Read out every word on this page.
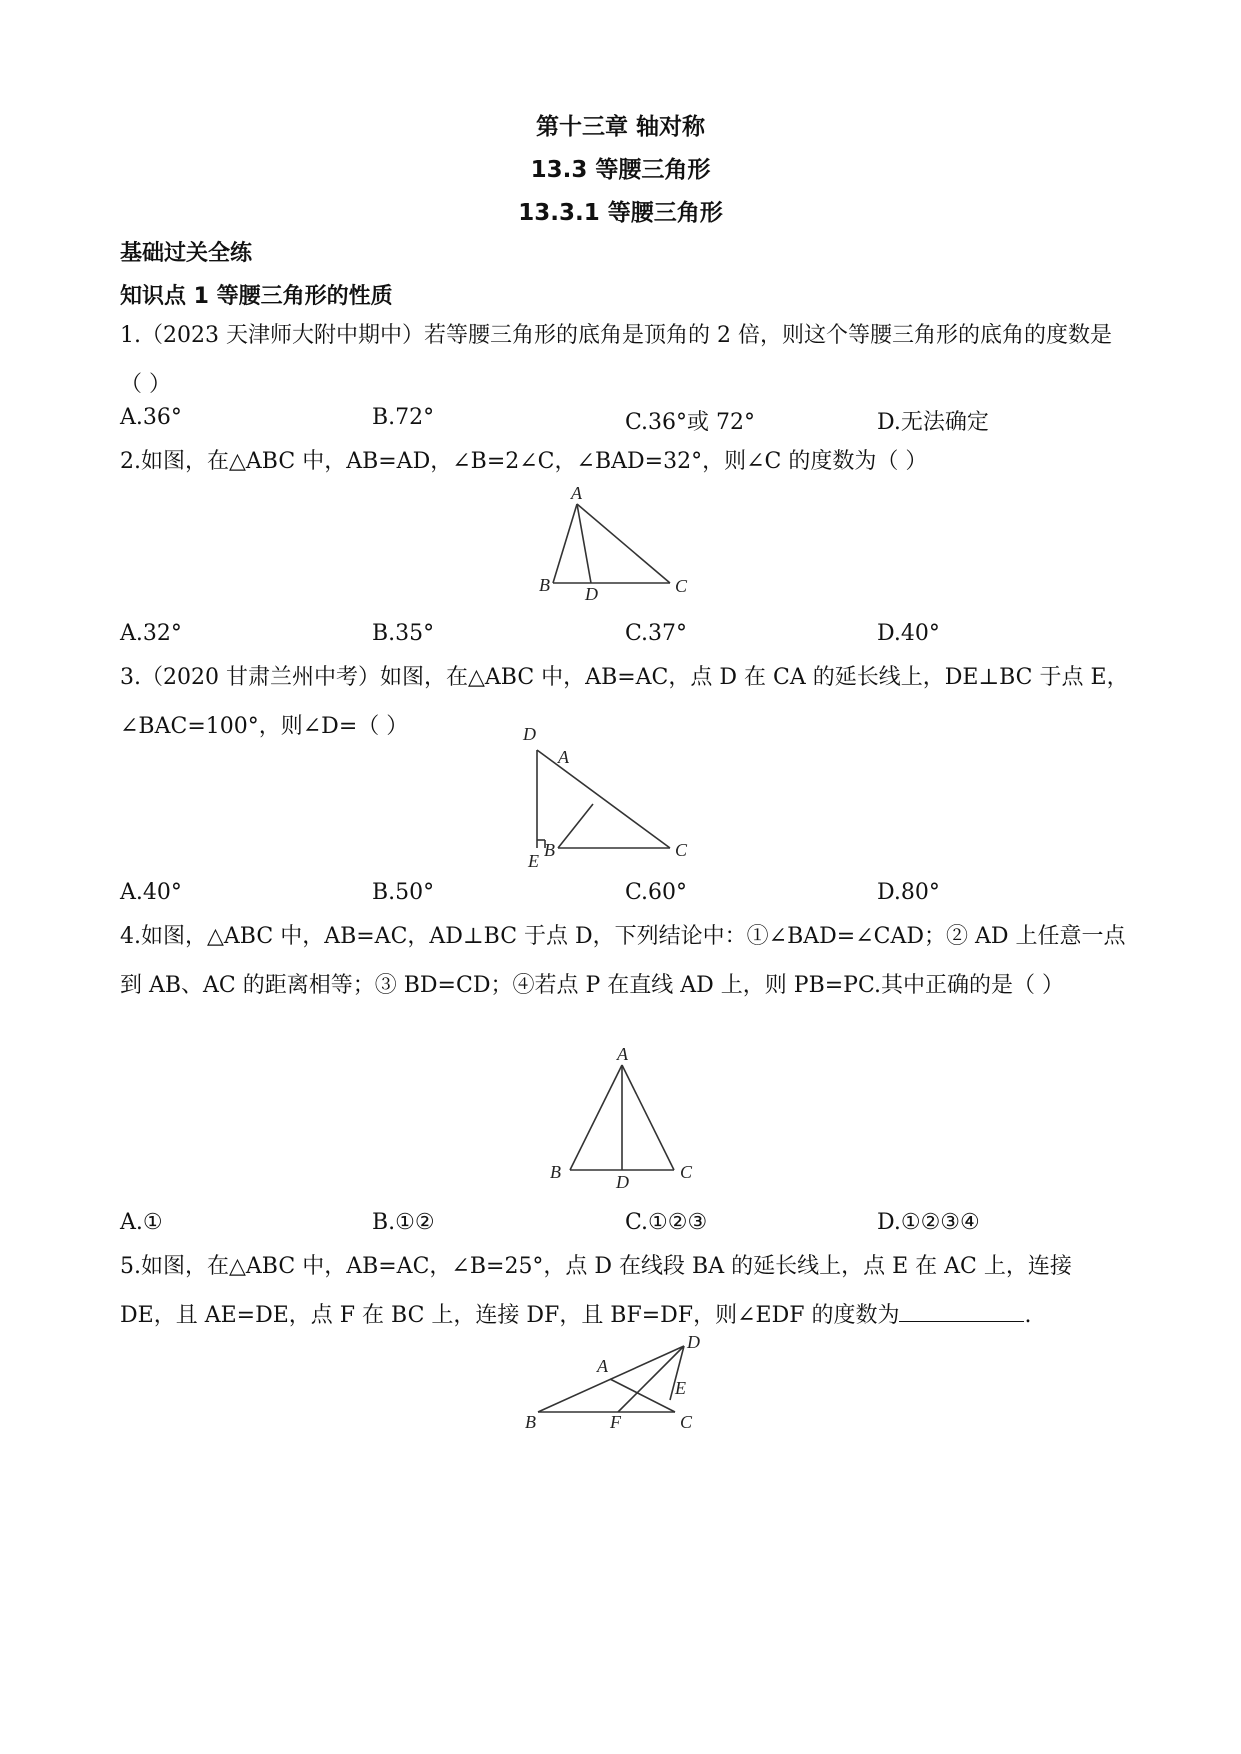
第十三章 轴对称
13.3 等腰三角形
13.3.1 等腰三角形
基础过关全练
知识点 1 等腰三角形的性质
1.（2023 天津师大附中期中）若等腰三角形的底角是顶角的 2 倍，则这个等腰三角形的底角的度数是（ ）
A.36°	B.72°	C.36°或 72°	D.无法确定
2.如图，在△ABC 中，AB=AD，∠B=2∠C，∠BAD=32°，则∠C 的度数为（ ）
A
B D	C
A.32°	B.35°	C.37°	D.40°
3.（2020 甘肃兰州中考）如图，在△ABC 中，AB=AC，点 D 在 CA 的延长线上，DE⊥BC 于点 E，∠BAC=100°，则∠D=（ ）	D
A
B
E
C
A.40°	B.50°	C.60°	D.80°
4.如图，△ABC 中，AB=AC，AD⊥BC 于点 D，下列结论中：①∠BAD=∠CAD；② AD 上任意一点到 AB、AC 的距离相等；③ BD=CD；④若点 P 在直线 AD 上，则 PB=PC.其中正确的是（ ）
A
B	D	C
A.①	B.①②	C.①②③	D.①②③④
5.如图，在△ABC 中，AB=AC，∠B=25°，点 D 在线段 BA 的延长线上，点 E 在 AC 上，连接 DE，且 AE=DE，点 F 在 BC 上，连接 DF，且 BF=DF，则∠EDF 的度数为	.
D
A
E
B	F	C
